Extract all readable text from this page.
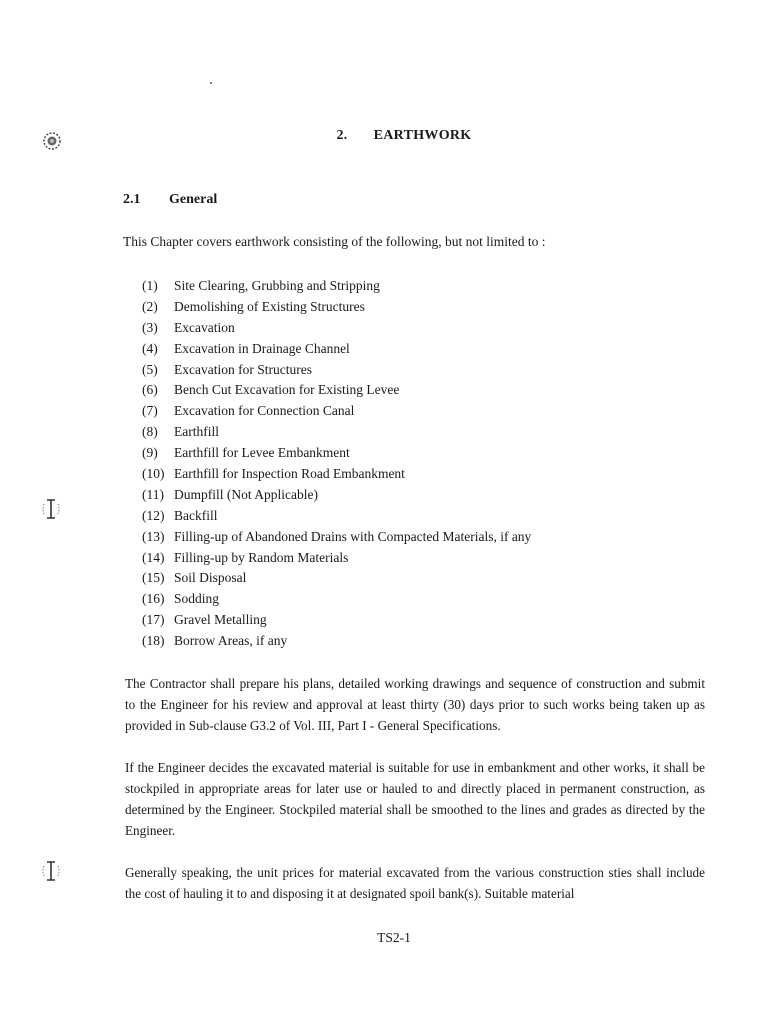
2. EARTHWORK
2.1 General
This Chapter covers earthwork consisting of the following, but not limited to :
(1) Site Clearing, Grubbing and Stripping
(2) Demolishing of Existing Structures
(3) Excavation
(4) Excavation in Drainage Channel
(5) Excavation for Structures
(6) Bench Cut Excavation for Existing Levee
(7) Excavation for Connection Canal
(8) Earthfill
(9) Earthfill for Levee Embankment
(10) Earthfill for Inspection Road Embankment
(11) Dumpfill (Not Applicable)
(12) Backfill
(13) Filling-up of Abandoned Drains with Compacted Materials, if any
(14) Filling-up by Random Materials
(15) Soil Disposal
(16) Sodding
(17) Gravel Metalling
(18) Borrow Areas, if any

The Contractor shall prepare his plans, detailed working drawings and sequence of construction and submit to the Engineer for his review and approval at least thirty (30) days prior to such works being taken up as provided in Sub-clause G3.2 of Vol. III, Part I - General Specifications.

If the Engineer decides the excavated material is suitable for use in embankment and other works, it shall be stockpiled in appropriate areas for later use or hauled to and directly placed in permanent construction, as determined by the Engineer. Stockpiled material shall be smoothed to the lines and grades as directed by the Engineer.

Generally speaking, the unit prices for material excavated from the various construction sties shall include the cost of hauling it to and disposing it at designated spoil bank(s). Suitable material

TS2-1
